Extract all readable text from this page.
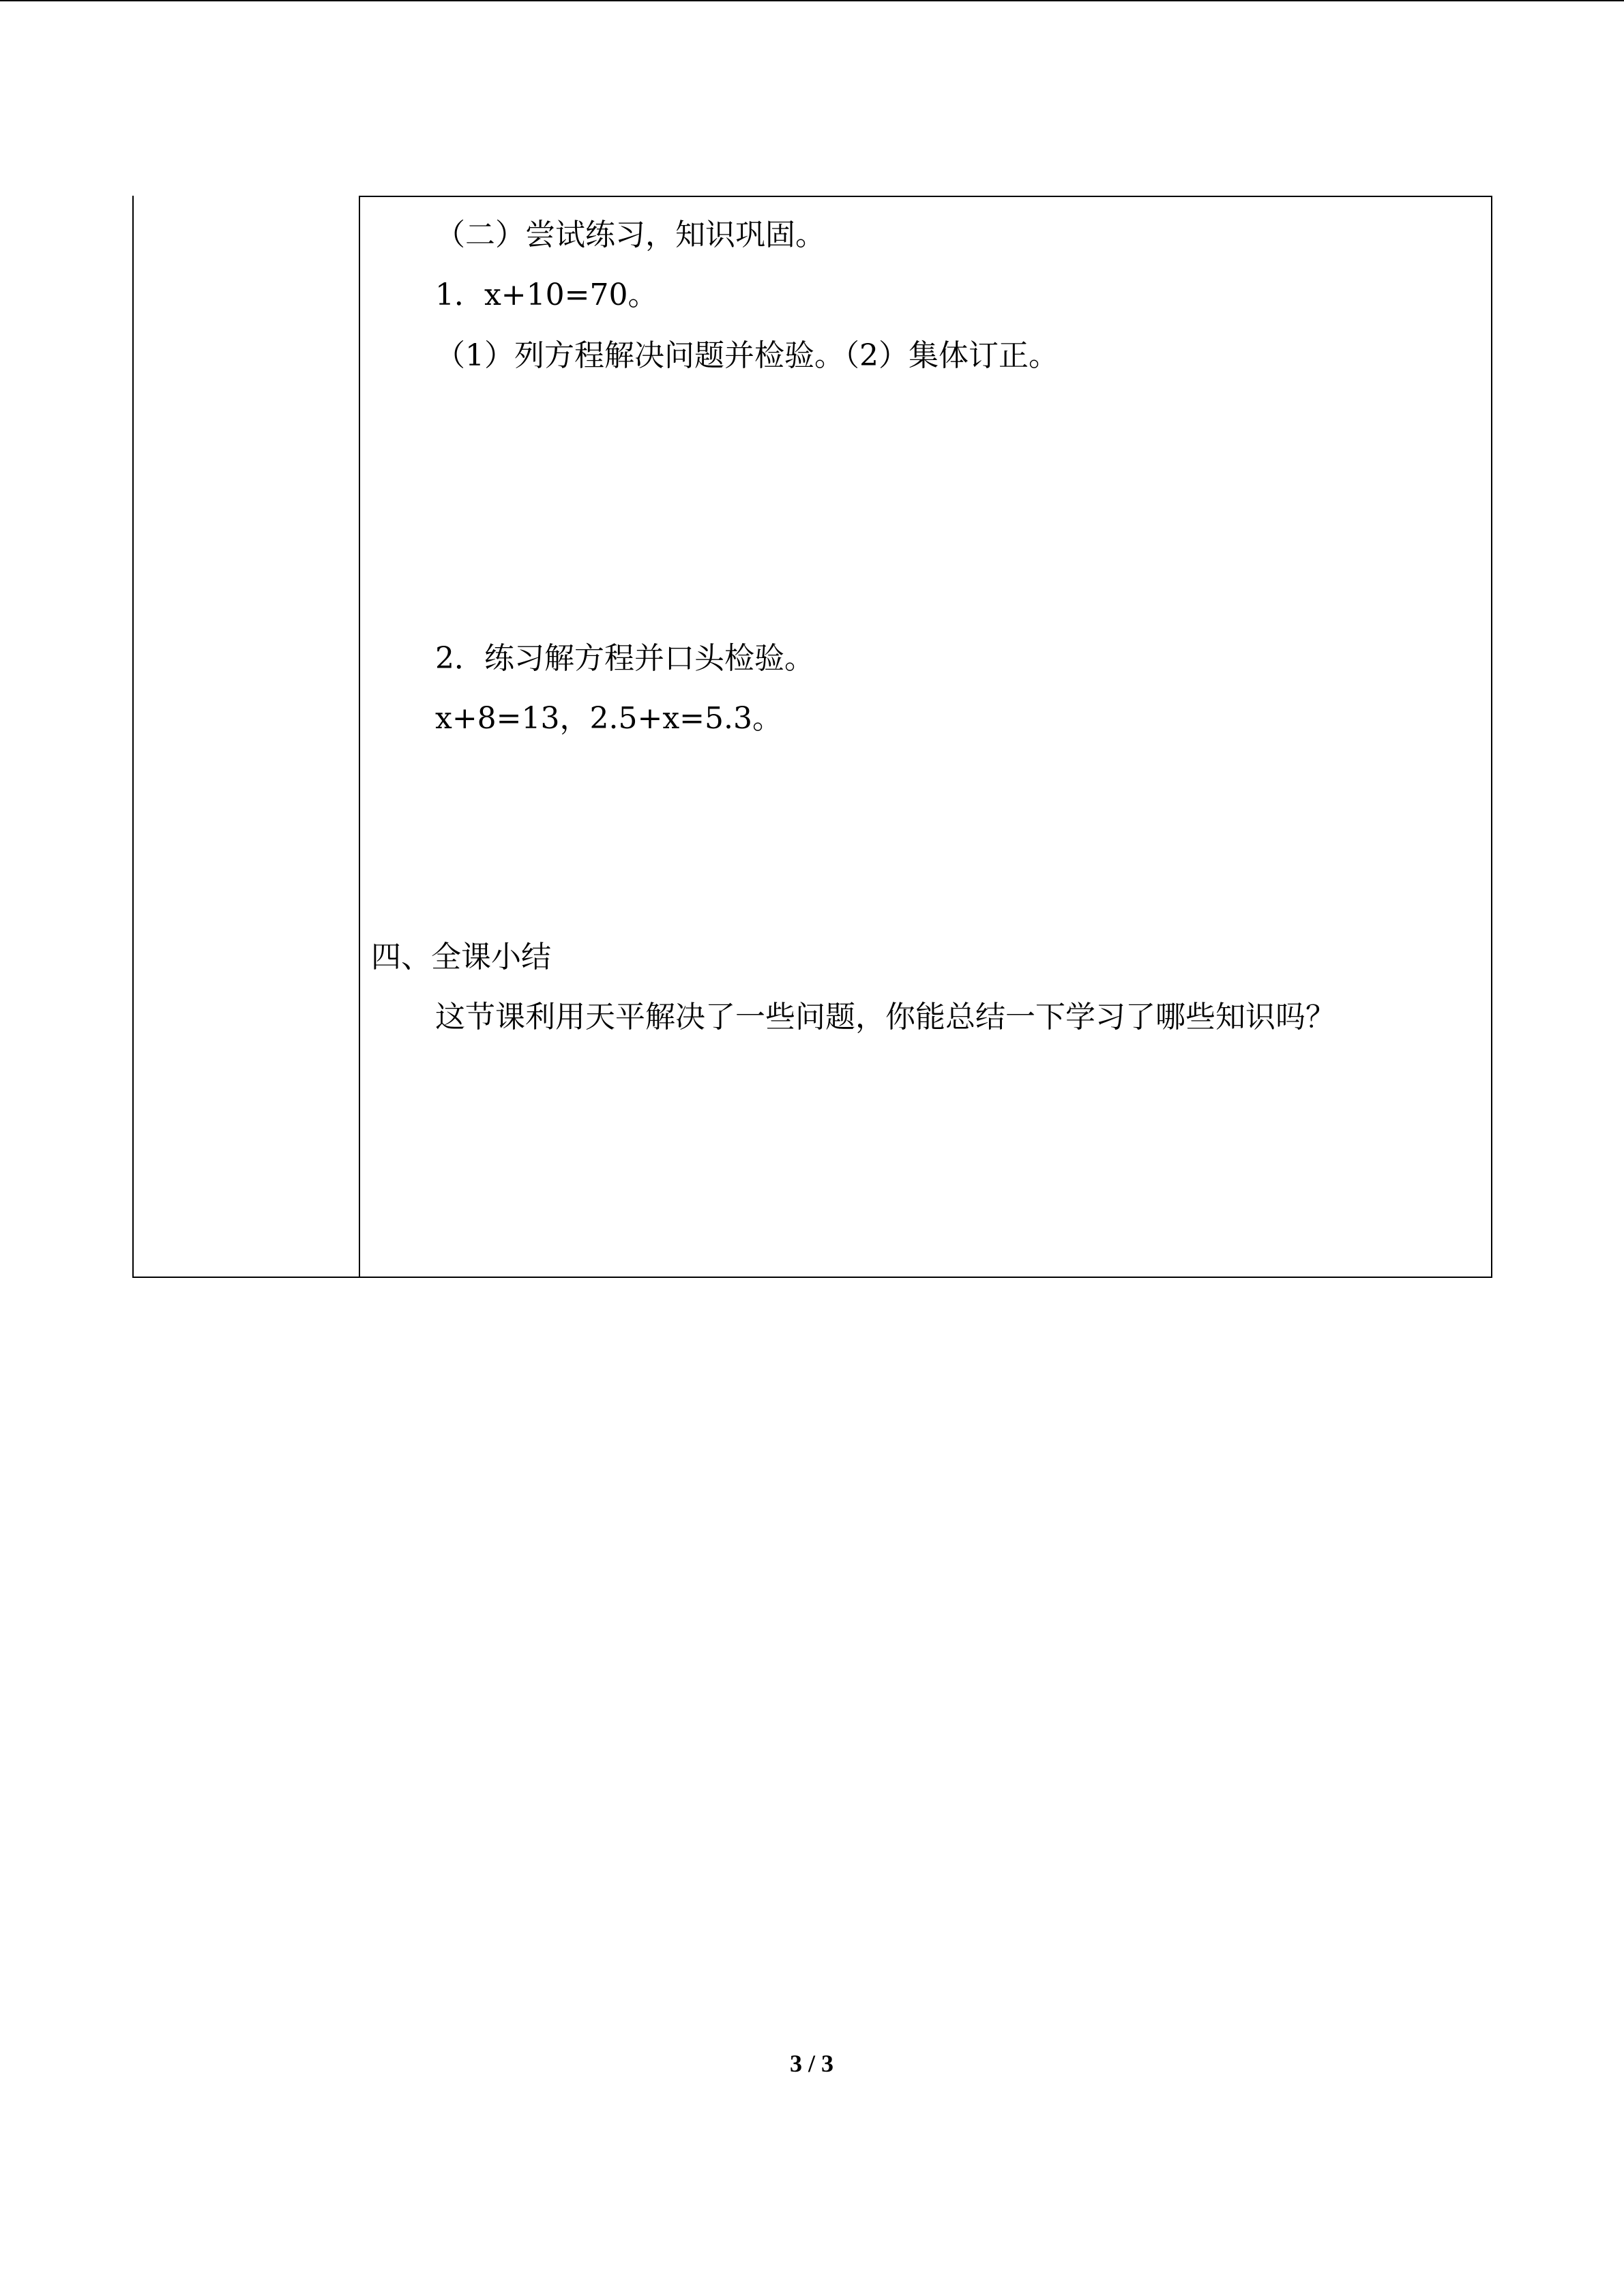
（二）尝试练习，知识巩固。
1．x+10=70。
（1）列方程解决问题并检验。（2）集体订正。
2．练习解方程并口头检验。
x+8=13，2.5+x=5.3。
四、全课小结
这节课利用天平解决了一些问题，你能总结一下学习了哪些知识吗？
3 / 3
